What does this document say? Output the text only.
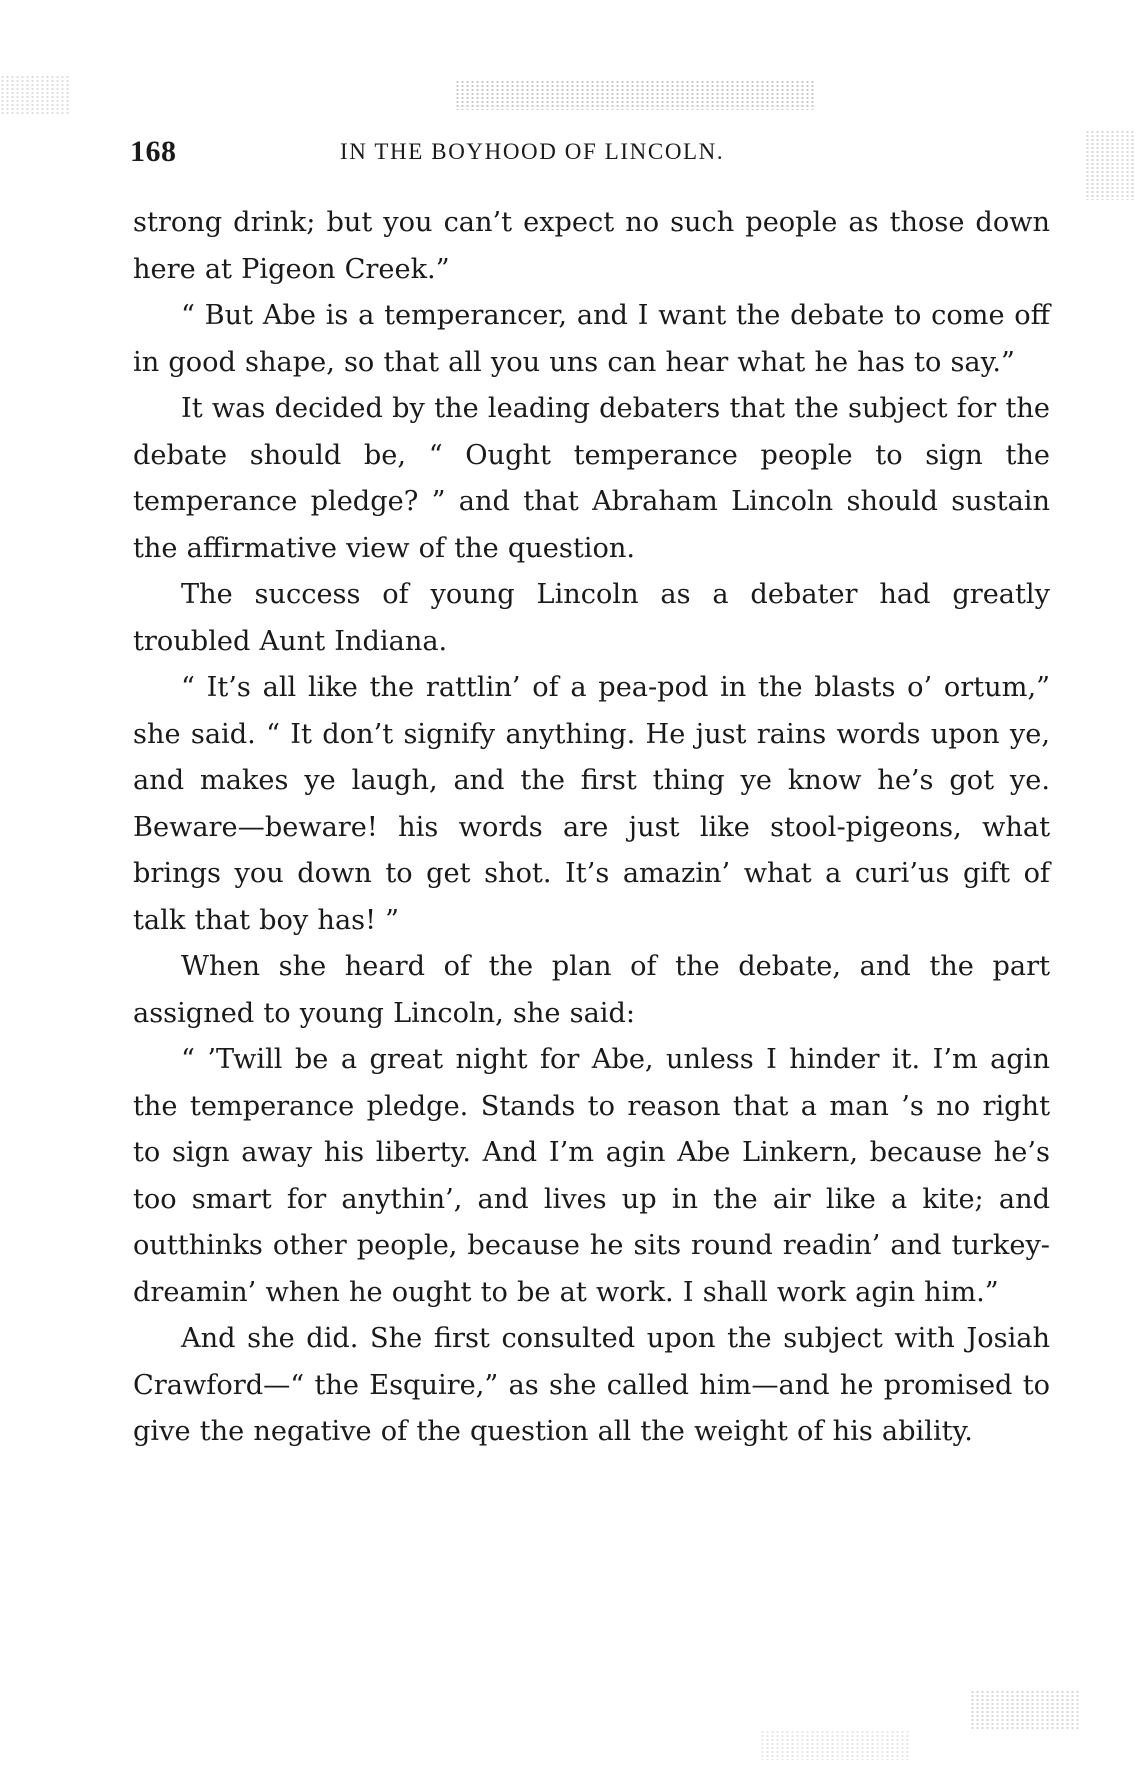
168	IN THE BOYHOOD OF LINCOLN.

strong drink; but you can’t expect no such people as those down here at Pigeon Creek.”

“ But Abe is a temperancer, and I want the debate to come off in good shape, so that all you uns can hear what he has to say.”

It was decided by the leading debaters that the subject for the debate should be, “ Ought temperance people to sign the temperance pledge? ” and that Abraham Lincoln should sustain the affirmative view of the question.

The success of young Lincoln as a debater had greatly troubled Aunt Indiana.

“ It’s all like the rattlin’ of a pea-pod in the blasts o’ ortum,” she said. “ It don’t signify anything. He just rains words upon ye, and makes ye laugh, and the first thing ye know he’s got ye. Beware—beware! his words are just like stool-pigeons, what brings you down to get shot. It’s amazin’ what a curi’us gift of talk that boy has! ”

When she heard of the plan of the debate, and the part assigned to young Lincoln, she said:

“ ’Twill be a great night for Abe, unless I hinder it. I’m agin the temperance pledge. Stands to reason that a man ’s no right to sign away his liberty. And I’m agin Abe Linkern, because he’s too smart for anythin’, and lives up in the air like a kite; and outthinks other people, because he sits round readin’ and turkey-dreamin’ when he ought to be at work. I shall work agin him.”

And she did. She first consulted upon the subject with Josiah Crawford—“ the Esquire,” as she called him—and he promised to give the negative of the question all the weight of his ability.
